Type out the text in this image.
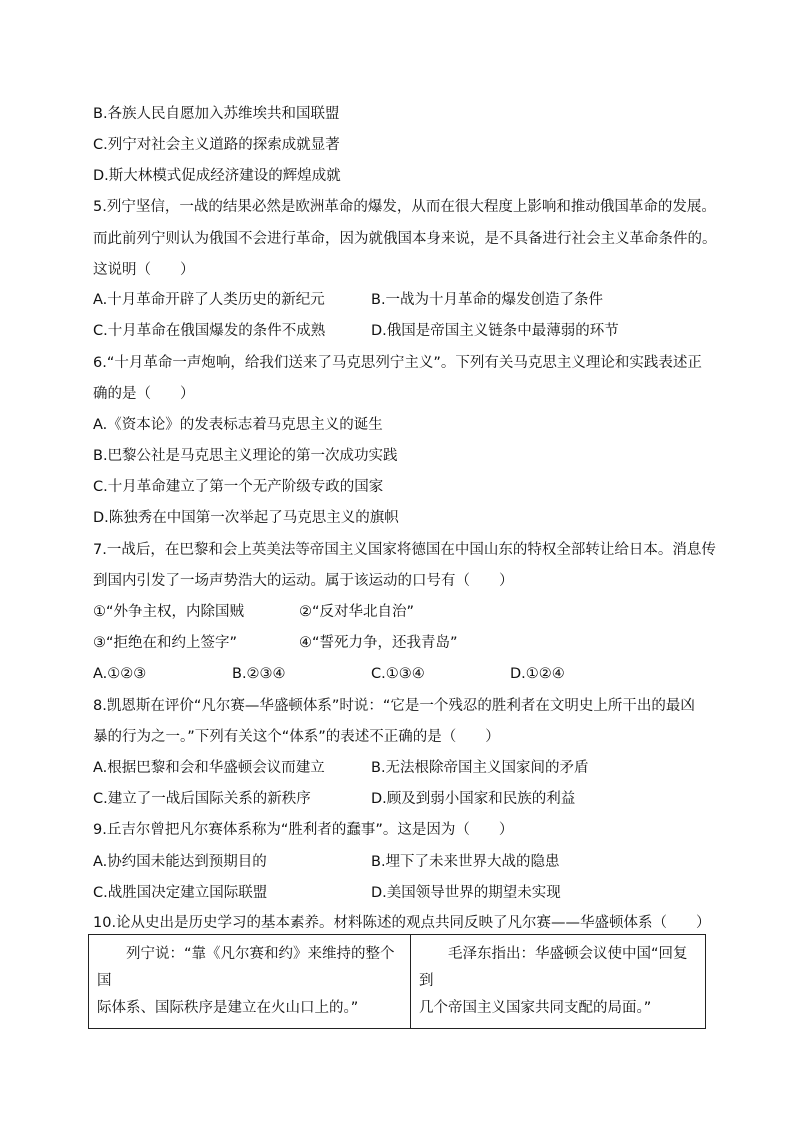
B.各族人民自愿加入苏维埃共和国联盟
C.列宁对社会主义道路的探索成就显著
D.斯大林模式促成经济建设的辉煌成就
5.列宁坚信，一战的结果必然是欧洲革命的爆发，从而在很大程度上影响和推动俄国革命的发展。
而此前列宁则认为俄国不会进行革命，因为就俄国本身来说，是不具备进行社会主义革命条件的。
这说明（　　）
A.十月革命开辟了人类历史的新纪元	B.一战为十月革命的爆发创造了条件
C.十月革命在俄国爆发的条件不成熟	D.俄国是帝国主义链条中最薄弱的环节
6.“十月革命一声炮响，给我们送来了马克思列宁主义”。下列有关马克思主义理论和实践表述正
确的是（　　）
A.《资本论》的发表标志着马克思主义的诞生
B.巴黎公社是马克思主义理论的第一次成功实践
C.十月革命建立了第一个无产阶级专政的国家
D.陈独秀在中国第一次举起了马克思主义的旗帜
7.一战后，在巴黎和会上英美法等帝国主义国家将德国在中国山东的特权全部转让给日本。消息传
到国内引发了一场声势浩大的运动。属于该运动的口号有（　　）
①“外争主权，内除国贼	②“反对华北自治”
③“拒绝在和约上签字”	④“誓死力争，还我青岛”
A.①②③	B.②③④	C.①③④	D.①②④
8.凯恩斯在评价“凡尔赛—华盛顿体系”时说：“它是一个残忍的胜利者在文明史上所干出的最凶
暴的行为之一。”下列有关这个“体系”的表述不正确的是（　　）
A.根据巴黎和会和华盛顿会议而建立	B.无法根除帝国主义国家间的矛盾
C.建立了一战后国际关系的新秩序	D.顾及到弱小国家和民族的利益
9.丘吉尔曾把凡尔赛体系称为“胜利者的蠢事”。这是因为（　　）
A.协约国未能达到预期目的	B.埋下了未来世界大战的隐患
C.战胜国决定建立国际联盟	D.美国领导世界的期望未实现
10.论从史出是历史学习的基本素养。材料陈述的观点共同反映了凡尔赛——华盛顿体系（　　）
　　列宁说：“靠《凡尔赛和约》来维持的整个国
际体系、国际秩序是建立在火山口上的。”

　　毛泽东指出：华盛顿会议使中国“回复到
几个帝国主义国家共同支配的局面。”
